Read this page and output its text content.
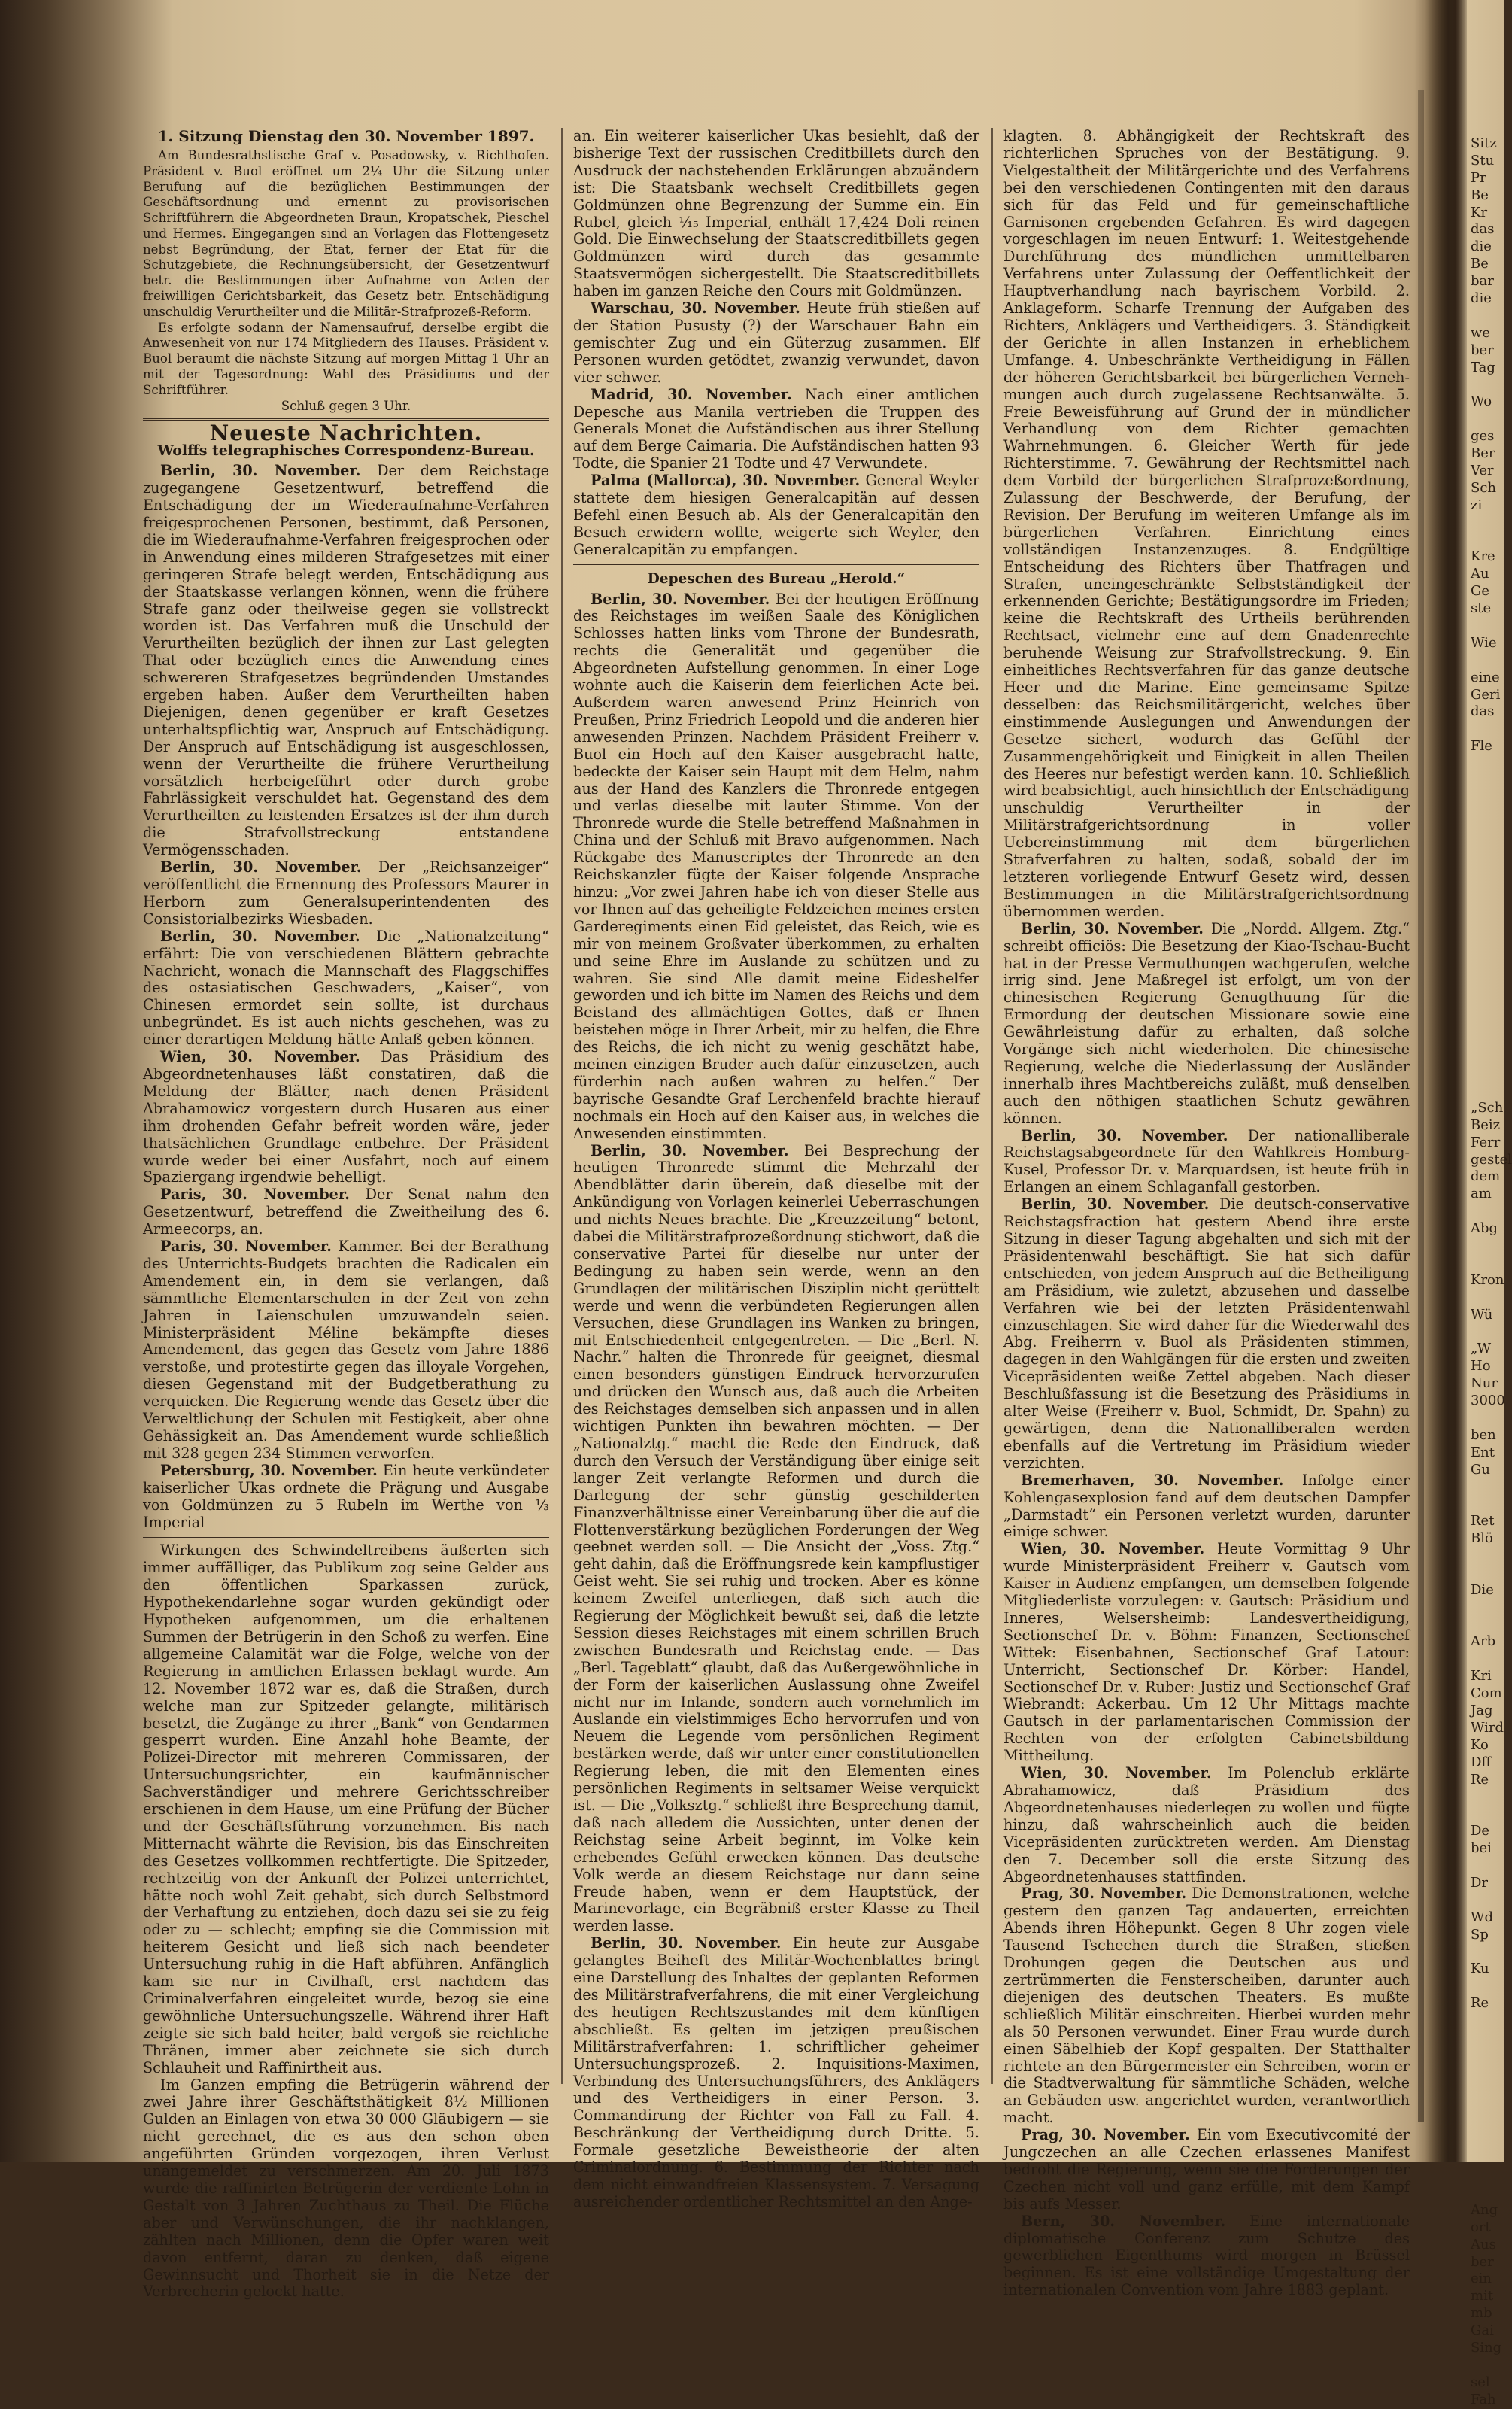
1. Sitzung Dienstag den 30. November 1897.

Am Bundesrathstische Graf v. Posadowsky, v. Richthofen. Präsident v. Buol eröffnet um 2¼ Uhr die Sitzung unter Berufung auf die bezüglichen Bestimmungen der Geschäftsordnung und ernennt zu provisorischen Schriftführern die Abgeordneten Braun, Kropatschek, Pieschel und Hermes. Eingegangen sind an Vorlagen das Flottengesetz nebst Begründung, der Etat, ferner der Etat für die Schutzgebiete, die Rechnungsübersicht, der Gesetzentwurf betr. die Bestimmungen über Aufnahme von Acten der freiwilligen Gerichtsbarkeit, das Gesetz betr. Entschädigung unschuldig Verurtheilter und die Militär-Strafprozeß-Reform.

Es erfolgte sodann der Namensaufruf, derselbe ergibt die Anwesenheit von nur 174 Mitgliedern des Hauses. Präsident v. Buol beraumt die nächste Sitzung auf morgen Mittag 1 Uhr an mit der Tagesordnung: Wahl des Präsidiums und der Schriftführer.

Schluß gegen 3 Uhr.
Neueste Nachrichten.
Wolffs telegraphisches Correspondenz-Bureau.

Berlin, 30. November. Der dem Reichstage zugegangene Gesetzentwurf, betreffend die Entschädigung der im Wiederaufnahme-Verfahren freigesprochenen Personen, bestimmt, daß Personen, die im Wiederaufnahme-Verfahren freigesprochen oder in Anwendung eines milderen Strafgesetzes mit einer geringeren Strafe belegt werden, Entschädigung aus der Staatskasse verlangen können, wenn die frühere Strafe ganz oder theilweise gegen sie vollstreckt worden ist. Das Verfahren muß die Unschuld der Verurtheilten bezüglich der ihnen zur Last gelegten That oder bezüglich eines die Anwendung eines schwereren Strafgesetzes begründenden Umstandes ergeben haben. Außer dem Verurtheilten haben Diejenigen, denen gegenüber er kraft Gesetzes unterhaltspflichtig war, Anspruch auf Entschädigung. Der Anspruch auf Entschädigung ist ausgeschlossen, wenn der Verurtheilte die frühere Verurtheilung vorsätzlich herbeigeführt oder durch grobe Fahrlässigkeit verschuldet hat. Gegenstand des dem Verurtheilten zu leistenden Ersatzes ist der ihm durch die Strafvollstreckung entstandene Vermögensschaden.

Berlin, 30. November. Der „Reichsanzeiger“ veröffentlicht die Ernennung des Professors Maurer in Herborn zum Generalsuperintendenten des Consistorialbezirks Wiesbaden.

Berlin, 30. November. Die „Nationalzeitung“ erfährt: Die von verschiedenen Blättern gebrachte Nachricht, wonach die Mannschaft des Flaggschiffes des ostasiatischen Geschwaders, „Kaiser“, von Chinesen ermordet sein sollte, ist durchaus unbegründet. Es ist auch nichts geschehen, was zu einer derartigen Meldung hätte Anlaß geben können.

Wien, 30. November. Das Präsidium des Abgeordnetenhauses läßt constatiren, daß die Meldung der Blätter, nach denen Präsident Abrahamowicz vorgestern durch Husaren aus einer ihm drohenden Gefahr befreit worden wäre, jeder thatsächlichen Grundlage entbehre. Der Präsident wurde weder bei einer Ausfahrt, noch auf einem Spaziergang irgendwie behelligt.

Paris, 30. November. Der Senat nahm den Gesetzentwurf, betreffend die Zweitheilung des 6. Armeecorps, an.

Paris, 30. November. Kammer. Bei der Berathung des Unterrichts-Budgets brachten die Radicalen ein Amendement ein, in dem sie verlangen, daß sämmtliche Elementarschulen in der Zeit von zehn Jahren in Laienschulen umzuwandeln seien. Ministerpräsident Méline bekämpfte dieses Amendement, das gegen das Gesetz vom Jahre 1886 verstoße, und protestirte gegen das illoyale Vorgehen, diesen Gegenstand mit der Budgetberathung zu verquicken. Die Regierung wende das Gesetz über die Verweltlichung der Schulen mit Festigkeit, aber ohne Gehässigkeit an. Das Amendement wurde schließlich mit 328 gegen 234 Stimmen verworfen.

Petersburg, 30. November. Ein heute verkündeter kaiserlicher Ukas ordnete die Prägung und Ausgabe von Goldmünzen zu 5 Rubeln im Werthe von ⅓ Imperial

Wirkungen des Schwindeltreibens äußerten sich immer auffälliger, das Publikum zog seine Gelder aus den öffentlichen Sparkassen zurück, Hypothekendarlehne sogar wurden gekündigt oder Hypotheken aufgenommen, um die erhaltenen Summen der Betrügerin in den Schoß zu werfen. Eine allgemeine Calamität war die Folge, welche von der Regierung in amtlichen Erlassen beklagt wurde. Am 12. November 1872 war es, daß die Straßen, durch welche man zur Spitzeder gelangte, militärisch besetzt, die Zugänge zu ihrer „Bank“ von Gendarmen gesperrt wurden. Eine Anzahl hohe Beamte, der Polizei-Director mit mehreren Commissaren, der Untersuchungsrichter, ein kaufmännischer Sachverständiger und mehrere Gerichtsschreiber erschienen in dem Hause, um eine Prüfung der Bücher und der Geschäftsführung vorzunehmen. Bis nach Mitternacht währte die Revision, bis das Einschreiten des Gesetzes vollkommen rechtfertigte. Die Spitzeder, rechtzeitig von der Ankunft der Polizei unterrichtet, hätte noch wohl Zeit gehabt, sich durch Selbstmord der Verhaftung zu entziehen, doch dazu sei sie zu feig oder zu — schlecht; empfing sie die Commission mit heiterem Gesicht und ließ sich nach beendeter Untersuchung ruhig in die Haft abführen. Anfänglich kam sie nur in Civilhaft, erst nachdem das Criminalverfahren eingeleitet wurde, bezog sie eine gewöhnliche Untersuchungszelle. Während ihrer Haft zeigte sie sich bald heiter, bald vergoß sie reichliche Thränen, immer aber zeichnete sie sich durch Schlauheit und Raffinirtheit aus.

Im Ganzen empfing die Betrügerin während der zwei Jahre ihrer Geschäftsthätigkeit 8½ Millionen Gulden an Einlagen von etwa 30 000 Gläubigern — sie nicht gerechnet, die es aus den schon oben angeführten Gründen vorgezogen, ihren Verlust unangemeldet zu verschmerzen. Am 20. Juli 1873 wurde die raffinirten Betrügerin der verdiente Lohn in Gestalt von 3 Jahren Zuchthaus zu Theil. Die Flüche aber und Verwünschungen, die ihr nachklangen, zählten nach Millionen, denn die Opfer waren weit davon entfernt, daran zu denken, daß eigene Gewinnsucht und Thorheit sie in die Netze der Verbrecherin gelockt hatte.

an. Ein weiterer kaiserlicher Ukas besiehlt, daß der bisherige Text der russischen Creditbillets durch den Ausdruck der nachstehenden Erklärungen abzuändern ist: Die Staatsbank wechselt Creditbillets gegen Goldmünzen ohne Begrenzung der Summe ein. Ein Rubel, gleich ¹⁄₁₅ Imperial, enthält 17,424 Doli reinen Gold. Die Einwechselung der Staatscreditbillets gegen Goldmünzen wird durch das gesammte Staatsvermögen sichergestellt. Die Staatscreditbillets haben im ganzen Reiche den Cours mit Goldmünzen.

Warschau, 30. November. Heute früh stießen auf der Station Pususty (?) der Warschauer Bahn ein gemischter Zug und ein Güterzug zusammen. Elf Personen wurden getödtet, zwanzig verwundet, davon vier schwer.

Madrid, 30. November. Nach einer amtlichen Depesche aus Manila vertrieben die Truppen des Generals Monet die Aufständischen aus ihrer Stellung auf dem Berge Caimaria. Die Aufständischen hatten 93 Todte, die Spanier 21 Todte und 47 Verwundete.

Palma (Mallorca), 30. November. General Weyler stattete dem hiesigen Generalcapitän auf dessen Befehl einen Besuch ab. Als der Generalcapitän den Besuch erwidern wollte, weigerte sich Weyler, den Generalcapitän zu empfangen.

Depeschen des Bureau „Herold.“

Berlin, 30. November. Bei der heutigen Eröffnung des Reichstages im weißen Saale des Königlichen Schlosses hatten links vom Throne der Bundesrath, rechts die Generalität und gegenüber die Abgeordneten Aufstellung genommen. In einer Loge wohnte auch die Kaiserin dem feierlichen Acte bei. Außerdem waren anwesend Prinz Heinrich von Preußen, Prinz Friedrich Leopold und die anderen hier anwesenden Prinzen. Nachdem Präsident Freiherr v. Buol ein Hoch auf den Kaiser ausgebracht hatte, bedeckte der Kaiser sein Haupt mit dem Helm, nahm aus der Hand des Kanzlers die Thronrede entgegen und verlas dieselbe mit lauter Stimme. Von der Thronrede wurde die Stelle betreffend Maßnahmen in China und der Schluß mit Bravo aufgenommen. Nach Rückgabe des Manuscriptes der Thronrede an den Reichskanzler fügte der Kaiser folgende Ansprache hinzu: „Vor zwei Jahren habe ich von dieser Stelle aus vor Ihnen auf das geheiligte Feldzeichen meines ersten Garderegiments einen Eid geleistet, das Reich, wie es mir von meinem Großvater überkommen, zu erhalten und seine Ehre im Auslande zu schützen und zu wahren. Sie sind Alle damit meine Eideshelfer geworden und ich bitte im Namen des Reichs und dem Beistand des allmächtigen Gottes, daß er Ihnen beistehen möge in Ihrer Arbeit, mir zu helfen, die Ehre des Reichs, die ich nicht zu wenig geschätzt habe, meinen einzigen Bruder auch dafür einzusetzen, auch fürderhin nach außen wahren zu helfen.“ Der bayrische Gesandte Graf Lerchenfeld brachte hierauf nochmals ein Hoch auf den Kaiser aus, in welches die Anwesenden einstimmten.

Berlin, 30. November. Bei Besprechung der heutigen Thronrede stimmt die Mehrzahl der Abendblätter darin überein, daß dieselbe mit der Ankündigung von Vorlagen keinerlei Ueberraschungen und nichts Neues brachte. Die „Kreuzzeitung“ betont, dabei die Militärstrafprozeßordnung stichwort, daß die conservative Partei für dieselbe nur unter der Bedingung zu haben sein werde, wenn an den Grundlagen der militärischen Disziplin nicht gerüttelt werde und wenn die verbündeten Regierungen allen Versuchen, diese Grundlagen ins Wanken zu bringen, mit Entschiedenheit entgegentreten. — Die „Berl. N. Nachr.“ halten die Thronrede für geeignet, diesmal einen besonders günstigen Eindruck hervorzurufen und drücken den Wunsch aus, daß auch die Arbeiten des Reichstages demselben sich anpassen und in allen wichtigen Punkten ihn bewahren möchten. — Der „Nationalztg.“ macht die Rede den Eindruck, daß durch den Versuch der Verständigung über einige seit langer Zeit verlangte Reformen und durch die Darlegung der sehr günstig geschilderten Finanzverhältnisse einer Vereinbarung über die auf die Flottenverstärkung bezüglichen Forderungen der Weg geebnet werden soll. — Die Ansicht der „Voss. Ztg.“ geht dahin, daß die Eröffnungsrede kein kampflustiger Geist weht. Sie sei ruhig und trocken. Aber es könne keinem Zweifel unterliegen, daß sich auch die Regierung der Möglichkeit bewußt sei, daß die letzte Session dieses Reichstages mit einem schrillen Bruch zwischen Bundesrath und Reichstag ende. — Das „Berl. Tageblatt“ glaubt, daß das Außergewöhnliche in der Form der kaiserlichen Auslassung ohne Zweifel nicht nur im Inlande, sondern auch vornehmlich im Auslande ein vielstimmiges Echo hervorrufen und von Neuem die Legende vom persönlichen Regiment bestärken werde, daß wir unter einer constitutionellen Regierung leben, die mit den Elementen eines persönlichen Regiments in seltsamer Weise verquickt ist. — Die „Volksztg.“ schließt ihre Besprechung damit, daß nach alledem die Aussichten, unter denen der Reichstag seine Arbeit beginnt, im Volke kein erhebendes Gefühl erwecken können. Das deutsche Volk werde an diesem Reichstage nur dann seine Freude haben, wenn er dem Hauptstück, der Marinevorlage, ein Begräbniß erster Klasse zu Theil werden lasse.

Berlin, 30. November. Ein heute zur Ausgabe gelangtes Beiheft des Militär-Wochenblattes bringt eine Darstellung des Inhaltes der geplanten Reformen des Militärstrafverfahrens, die mit einer Vergleichung des heutigen Rechtszustandes mit dem künftigen abschließt. Es gelten im jetzigen preußischen Militärstrafverfahren: 1. schriftlicher geheimer Untersuchungsprozeß. 2. Inquisitions-Maximen, Verbindung des Untersuchungsführers, des Anklägers und des Vertheidigers in einer Person. 3. Commandirung der Richter von Fall zu Fall. 4. Beschränkung der Vertheidigung durch Dritte. 5. Formale gesetzliche Beweistheorie der alten Criminalordnung. 6. Bestimmung der Richter nach dem nicht einwandfreien Klassensystem. 7. Versagung ausreichender ordentlicher Rechtsmittel an den Ange-

klagten. 8. Abhängigkeit der Rechtskraft des richterlichen Spruches von der Bestätigung. 9. Vielgestaltheit der Militärgerichte und des Verfahrens bei den verschiedenen Contingenten mit den daraus sich für das Feld und für gemeinschaftliche Garnisonen ergebenden Gefahren. Es wird dagegen vorgeschlagen im neuen Entwurf: 1. Weitestgehende Durchführung des mündlichen unmittelbaren Verfahrens unter Zulassung der Oeffentlichkeit der Hauptverhandlung nach bayrischem Vorbild. 2. Anklageform. Scharfe Trennung der Aufgaben des Richters, Anklägers und Vertheidigers. 3. Ständigkeit der Gerichte in allen Instanzen in erheblichem Umfange. 4. Unbeschränkte Vertheidigung in Fällen der höheren Gerichtsbarkeit bei bürgerlichen Vernehmungen auch durch zugelassene Rechtsanwälte. 5. Freie Beweisführung auf Grund der in mündlicher Verhandlung von dem Richter gemachten Wahrnehmungen. 6. Gleicher Werth für jede Richterstimme. 7. Gewährung der Rechtsmittel nach dem Vorbild der bürgerlichen Strafprozeßordnung, Zulassung der Beschwerde, der Berufung, der Revision. Der Berufung im weiteren Umfange als im bürgerlichen Verfahren. Einrichtung eines vollständigen Instanzenzuges. 8. Endgültige Entscheidung des Richters über Thatfragen und Strafen, uneingeschränkte Selbstständigkeit der erkennenden Gerichte; Bestätigungsordre im Frieden; keine die Rechtskraft des Urtheils berührenden Rechtsact, vielmehr eine auf dem Gnadenrechte beruhende Weisung zur Strafvollstreckung. 9. Ein einheitliches Rechtsverfahren für das ganze deutsche Heer und die Marine. Eine gemeinsame Spitze desselben: das Reichsmilitärgericht, welches über einstimmende Auslegungen und Anwendungen der Gesetze sichert, wodurch das Gefühl der Zusammengehörigkeit und Einigkeit in allen Theilen des Heeres nur befestigt werden kann. 10. Schließlich wird beabsichtigt, auch hinsichtlich der Entschädigung unschuldig Verurtheilter in der Militärstrafgerichtsordnung in voller Uebereinstimmung mit dem bürgerlichen Strafverfahren zu halten, sodaß, sobald der im letzteren vorliegende Entwurf Gesetz wird, dessen Bestimmungen in die Militärstrafgerichtsordnung übernommen werden.

Berlin, 30. November. Die „Nordd. Allgem. Ztg.“ schreibt officiös: Die Besetzung der Kiao-Tschau-Bucht hat in der Presse Vermuthungen wachgerufen, welche irrig sind. Jene Maßregel ist erfolgt, um von der chinesischen Regierung Genugthuung für die Ermordung der deutschen Missionare sowie eine Gewährleistung dafür zu erhalten, daß solche Vorgänge sich nicht wiederholen. Die chinesische Regierung, welche die Niederlassung der Ausländer innerhalb ihres Machtbereichs zuläßt, muß denselben auch den nöthigen staatlichen Schutz gewähren können.

Berlin, 30. November. Der nationalliberale Reichstagsabgeordnete für den Wahlkreis Homburg-Kusel, Professor Dr. v. Marquardsen, ist heute früh in Erlangen an einem Schlaganfall gestorben.

Berlin, 30. November. Die deutsch-conservative Reichstagsfraction hat gestern Abend ihre erste Sitzung in dieser Tagung abgehalten und sich mit der Präsidentenwahl beschäftigt. Sie hat sich dafür entschieden, von jedem Anspruch auf die Betheiligung am Präsidium, wie zuletzt, abzusehen und dasselbe Verfahren wie bei der letzten Präsidentenwahl einzuschlagen. Sie wird daher für die Wiederwahl des Abg. Freiherrn v. Buol als Präsidenten stimmen, dagegen in den Wahlgängen für die ersten und zweiten Vicepräsidenten weiße Zettel abgeben. Nach dieser Beschlußfassung ist die Besetzung des Präsidiums in alter Weise (Freiherr v. Buol, Schmidt, Dr. Spahn) zu gewärtigen, denn die Nationalliberalen werden ebenfalls auf die Vertretung im Präsidium wieder verzichten.

Bremerhaven, 30. November. Infolge einer Kohlengasexplosion fand auf dem deutschen Dampfer „Darmstadt“ ein Personen verletzt wurden, darunter einige schwer.

Wien, 30. November. Heute Vormittag 9 Uhr wurde Ministerpräsident Freiherr v. Gautsch vom Kaiser in Audienz empfangen, um demselben folgende Mitgliederliste vorzulegen: v. Gautsch: Präsidium und Inneres, Welsersheimb: Landesvertheidigung, Sectionschef Dr. v. Böhm: Finanzen, Sectionschef Wittek: Eisenbahnen, Sectionschef Graf Latour: Unterricht, Sectionschef Dr. Körber: Handel, Sectionschef Dr. v. Ruber: Justiz und Sectionschef Graf Wiebrandt: Ackerbau. Um 12 Uhr Mittags machte Gautsch in der parlamentarischen Commission der Rechten von der erfolgten Cabinetsbildung Mittheilung.

Wien, 30. November. Im Polenclub erklärte Abrahamowicz, daß Präsidium des Abgeordnetenhauses niederlegen zu wollen und fügte hinzu, daß wahrscheinlich auch die beiden Vicepräsidenten zurücktreten werden. Am Dienstag den 7. December soll die erste Sitzung des Abgeordnetenhauses stattfinden.

Prag, 30. November. Die Demonstrationen, welche gestern den ganzen Tag andauerten, erreichten Abends ihren Höhepunkt. Gegen 8 Uhr zogen viele Tausend Tschechen durch die Straßen, stießen Drohungen gegen die Deutschen aus und zertrümmerten die Fensterscheiben, darunter auch diejenigen des deutschen Theaters. Es mußte schließlich Militär einschreiten. Hierbei wurden mehr als 50 Personen verwundet. Einer Frau wurde durch einen Säbelhieb der Kopf gespalten. Der Statthalter richtete an den Bürgermeister ein Schreiben, worin er die Stadtverwaltung für sämmtliche Schäden, welche an Gebäuden usw. angerichtet wurden, verantwortlich macht.

Prag, 30. November. Ein vom Executivcomité der Jungczechen an alle Czechen erlassenes Manifest bedroht die Regierung, wenn sie die Forderungen der Czechen nicht voll und ganz erfülle, mit dem Kampf bis aufs Messer.

Bern, 30. November. Eine internationale diplomatische Conferenz zum Schutze des gewerblichen Eigenthums wird morgen in Brüssel beginnen. Es ist eine vollständige Umgestaltung der internationalen Convention vom Jahre 1883 geplant.

Sitz
Stu
Pr
Be
Kr
das
die
Be
bar
die
we
ber
Tag
Wo
ges
Ber
Ver
Sch
zi
Kre
Au
Ge
ste
Wie
eine
Geri
das
Fle
„Sch
Beiz
Ferr
gestel
dem
am
Abg
Kron
Wü
„W
Ho
Nur
3000
ben
Ent
Gu
Ret
Blö
Die
Arb
Kri
Com
Jag
Wird
Ko
Dff
Re
De
bei
Dr
Wd
Sp
Ku
Re
Ang
ort
Aus
ber
ein
mit
mb
Gai
Sing
sel
Fah
